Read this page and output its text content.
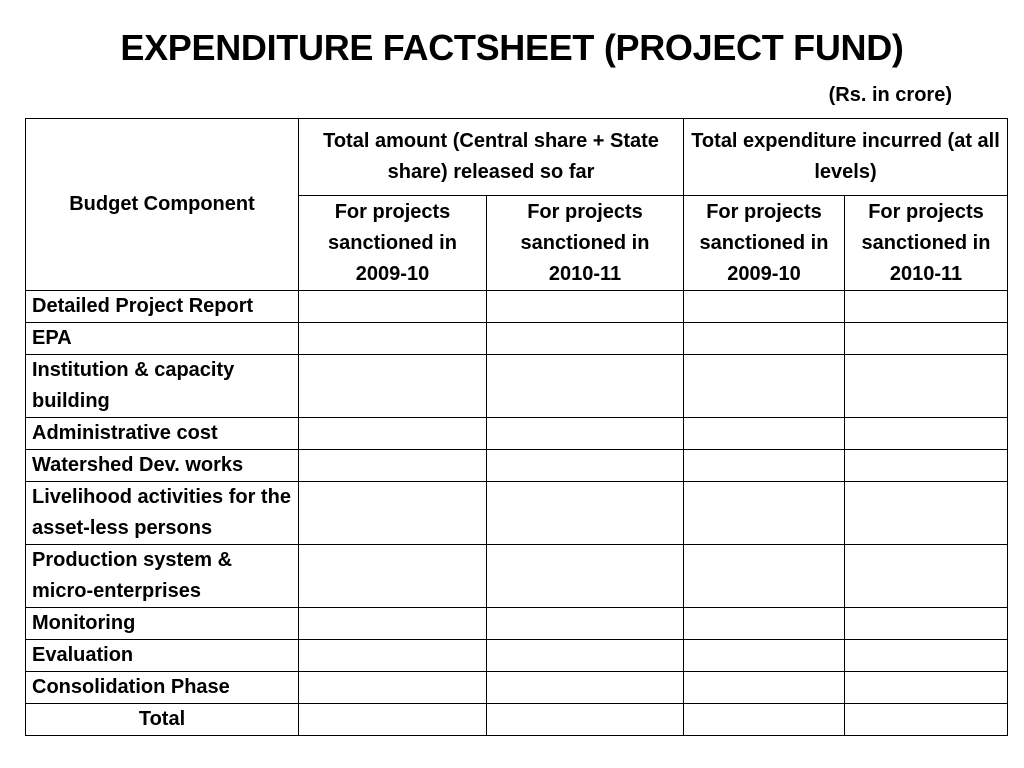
EXPENDITURE FACTSHEET (PROJECT FUND)
(Rs. in crore)
Budget Component	Total amount (Central share + State share) released so far		Total expenditure incurred (at all levels)	
	For projects sanctioned in 2009-10	For projects sanctioned in 2010-11	For projects sanctioned in 2009-10	For projects sanctioned in 2010-11
Detailed Project Report				
EPA				
Institution & capacity building				
Administrative cost				
Watershed Dev. works				
Livelihood activities for the asset-less persons				
Production system & micro-enterprises				
Monitoring				
Evaluation				
Consolidation Phase				
Total				
